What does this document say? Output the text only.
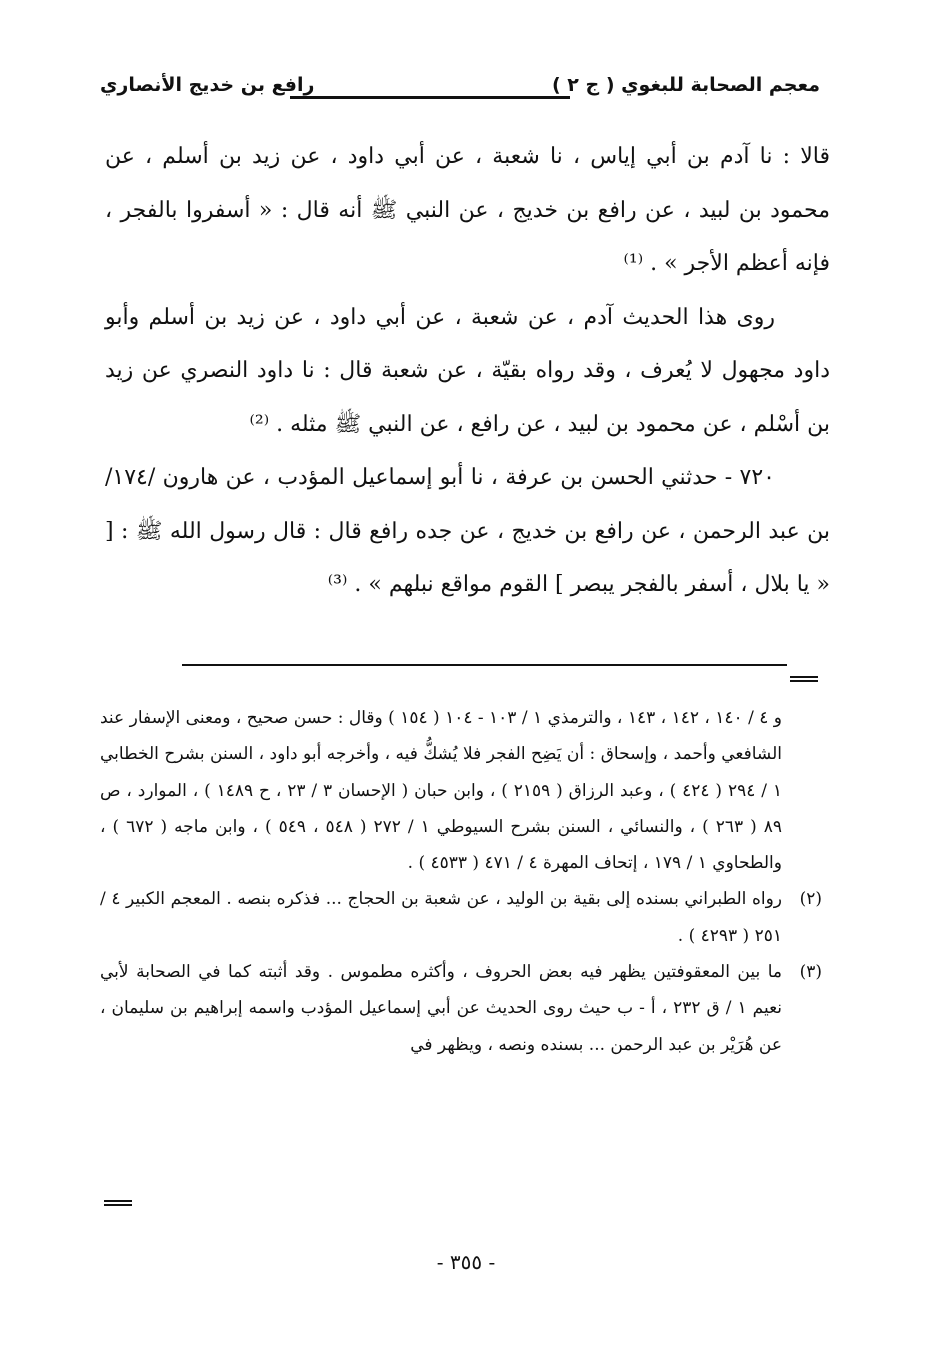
معجم الصحابة للبغوي ( ج ٢ )
رافع بن خديج الأنصاري

قالا : نا آدم بن أبي إياس ، نا شعبة ، عن أبي داود ، عن زيد بن أسلم ، عن محمود بن لبيد ، عن رافع بن خديج ، عن النبي ﷺ أنه قال : « أسفروا بالفجر ، فإنه أعظم الأجر » . ⁽¹⁾

روى هذا الحديث آدم ، عن شعبة ، عن أبي داود ، عن زيد بن أسلم وأبو داود مجهول لا يُعرف ، وقد رواه بقيّة ، عن شعبة قال : نا داود النصري عن زيد بن أسْلم ، عن محمود بن لبيد ، عن رافع ، عن النبي ﷺ مثله . ⁽²⁾

٧٢٠ - حدثني الحسن بن عرفة ، نا أبو إسماعيل المؤدب ، عن هارون /١٧٤/ بن عبد الرحمن ، عن رافع بن خديج ، عن جده رافع قال : قال رسول الله ﷺ : [ « يا بلال ، أسفر بالفجر يبصر ] القوم مواقع نبلهم » . ⁽³⁾

و ٤ / ١٤٠ ، ١٤٢ ، ١٤٣ ، والترمذي ١ / ١٠٣ - ١٠٤ ( ١٥٤ ) وقال : حسن صحيح ، ومعنى الإسفار عند الشافعي وأحمد ، وإسحاق : أن يَضِح الفجر فلا يُشكُّ فيه ، وأخرجه أبو داود ، السنن بشرح الخطابي ١ / ٢٩٤ ( ٤٢٤ ) ، وعبد الرزاق ( ٢١٥٩ ) ، وابن حبان ( الإحسان ٣ / ٢٣ ، ح ١٤٨٩ ) ، الموارد ، ص ٨٩ ( ٢٦٣ ) ، والنسائي ، السنن بشرح السيوطي ١ / ٢٧٢ ( ٥٤٨ ، ٥٤٩ ) ، وابن ماجه ( ٦٧٢ ) ، والطحاوي ١ / ١٧٩ ، إتحاف المهرة ٤ / ٤٧١ ( ٤٥٣٣ ) .

(٢)
رواه الطبراني بسنده إلى بقية بن الوليد ، عن شعبة بن الحجاج ... فذكره بنصه . المعجم الكبير ٤ / ٢٥١ ( ٤٢٩٣ ) .

(٣)
ما بين المعقوفتين يظهر فيه بعض الحروف ، وأكثره مطموس . وقد أثبته كما في الصحابة لأبي نعيم ١ / ق ٢٣٢ ، أ - ب حيث روى الحديث عن أبي إسماعيل المؤدب واسمه إبراهيم بن سليمان ، عن هُرَيْر بن عبد الرحمن ... بسنده ونصه ، ويظهر في

- ٣٥٥ -
